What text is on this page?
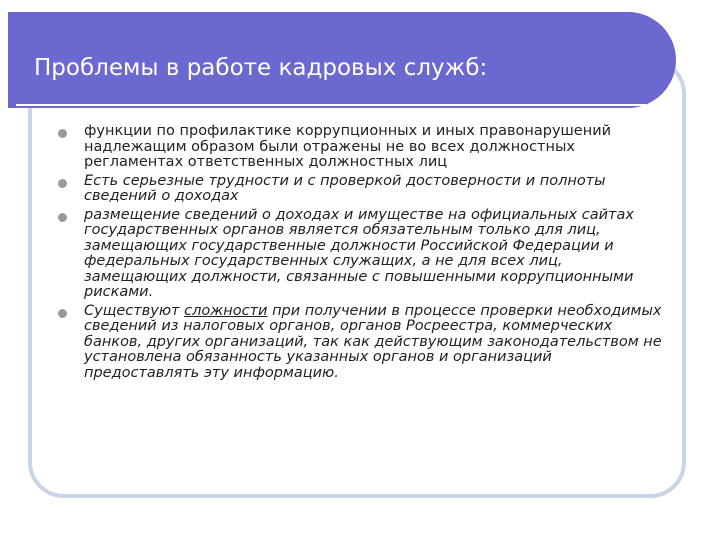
Проблемы в работе кадровых служб:
функции по профилактике коррупционных и иных правонарушений надлежащим образом были отражены не во всех должностных регламентах ответственных должностных лиц
Есть серьезные трудности и с проверкой достоверности и полноты сведений о доходах
размещение сведений о доходах и имуществе на официальных сайтах государственных органов является обязательным только для лиц, замещающих государственные должности Российской Федерации и федеральных государственных служащих, а не для всех лиц, замещающих должности, связанные с повышенными коррупционными рисками.
Существуют сложности при получении в процессе проверки необходимых сведений из налоговых органов, органов Росреестра, коммерческих банков, других организаций, так как действующим законодательством не установлена обязанность указанных органов и организаций предоставлять эту информацию.
